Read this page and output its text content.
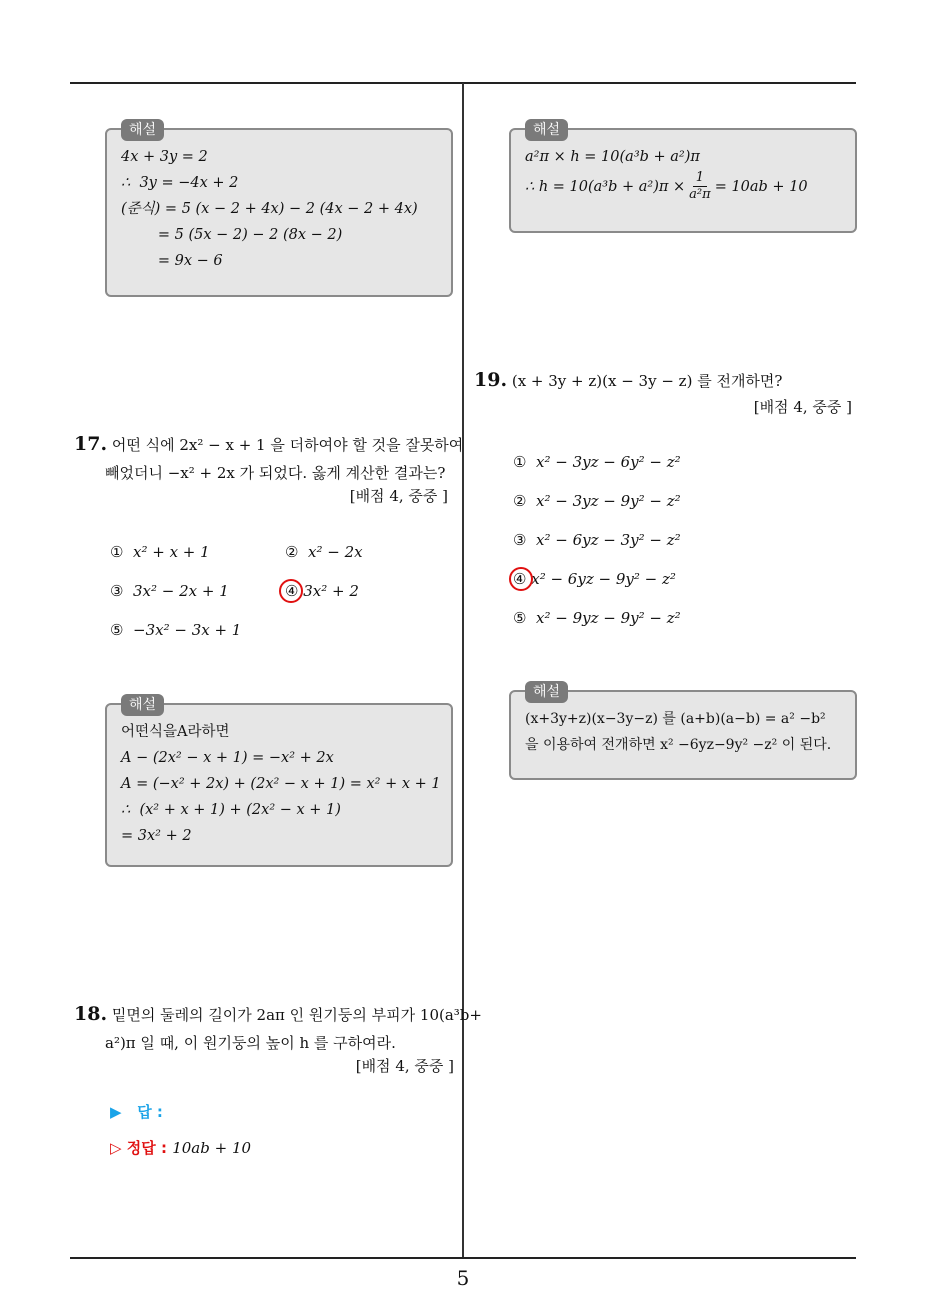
5
해설
4x + 3y = 2
∴  3y = −4x + 2
(준식) = 5 (x − 2 + 4x) − 2 (4x − 2 + 4x)
= 5 (5x − 2) − 2 (8x − 2)
= 9x − 6
17. 어떤 식에 2x² − x + 1 을 더하여야 할 것을 잘못하여
빼었더니 −x² + 2x 가 되었다. 옳게 계산한 결과는?
[배점 4, 중중 ]
① x² + x + 1	② x² − 2x
③ 3x² − 2x + 1	④ 3x² + 2
⑤ −3x² − 3x + 1
해설
어떤식을A라하면
A − (2x² − x + 1) = −x² + 2x
A = (−x² + 2x) + (2x² − x + 1) = x² + x + 1
∴  (x² + x + 1) + (2x² − x + 1)
= 3x² + 2
18. 밑면의 둘레의 길이가 2aπ 인 원기둥의 부피가 10(a³b+
a²)π 일 때, 이 원기둥의 높이 h 를 구하여라.
[배점 4, 중중 ]
▶ 답 :
▷ 정답 : 10ab + 10
해설
a²π × h = 10(a³b + a²)π
∴ $h = 10(a^3b + a^2)\pi \times \frac{1}{\text{a²π}} = 10ab + 10$
19. (x + 3y + z)(x − 3y − z) 를 전개하면?
[배점 4, 중중 ]
① x² − 3yz − 6y² − z²
② x² − 3yz − 9y² − z²
③ x² − 6yz − 3y² − z²
④ x² − 6yz − 9y² − z²
⑤ x² − 9yz − 9y² − z²
해설
(x+3y+z)(x−3y−z) 를 (a+b)(a−b) = a² −b²
을 이용하여 전개하면 x² −6yz−9y² −z² 이 된다.
